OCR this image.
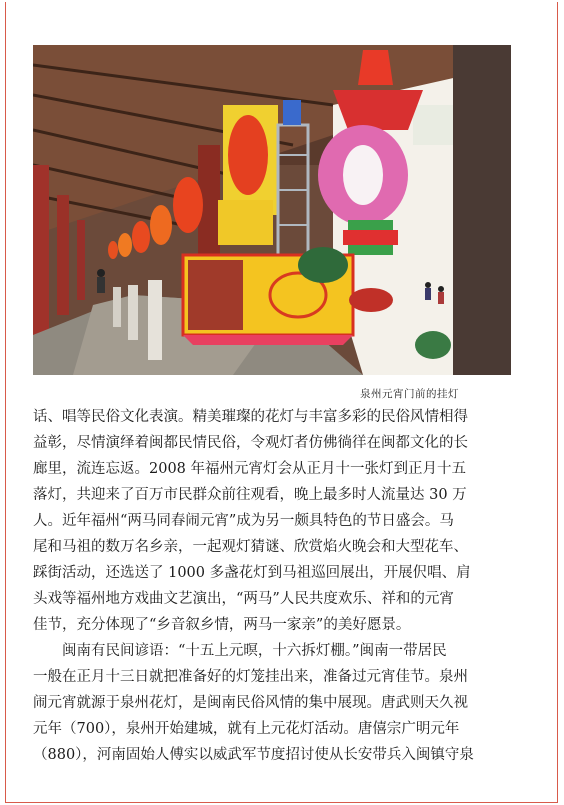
泉州元宵门前的挂灯

话、唱等民俗文化表演。精美璀璨的花灯与丰富多彩的民俗风情相得
益彰，尽情演绎着闽都民情民俗，令观灯者仿佛徜徉在闽都文化的长
廊里，流连忘返。2008 年福州元宵灯会从正月十一张灯到正月十五
落灯，共迎来了百万市民群众前往观看，晚上最多时人流量达 30 万
人。近年福州“两马同春闹元宵”成为另一颇具特色的节日盛会。马
尾和马祖的数万名乡亲，一起观灯猜谜、欣赏焰火晚会和大型花车、
踩街活动，还选送了 1000 多盏花灯到马祖巡回展出，开展伬唱、肩
头戏等福州地方戏曲文艺演出，“两马”人民共度欢乐、祥和的元宵
佳节，充分体现了“乡音叙乡情，两马一家亲”的美好愿景。

闽南有民间谚语：“十五上元暝，十六拆灯棚。”闽南一带居民
一般在正月十三日就把准备好的灯笼挂出来，准备过元宵佳节。泉州
闹元宵就源于泉州花灯，是闽南民俗风情的集中展现。唐武则天久视
元年（700），泉州开始建城，就有上元花灯活动。唐僖宗广明元年
（880），河南固始人傅实以威武军节度招讨使从长安带兵入闽镇守泉
